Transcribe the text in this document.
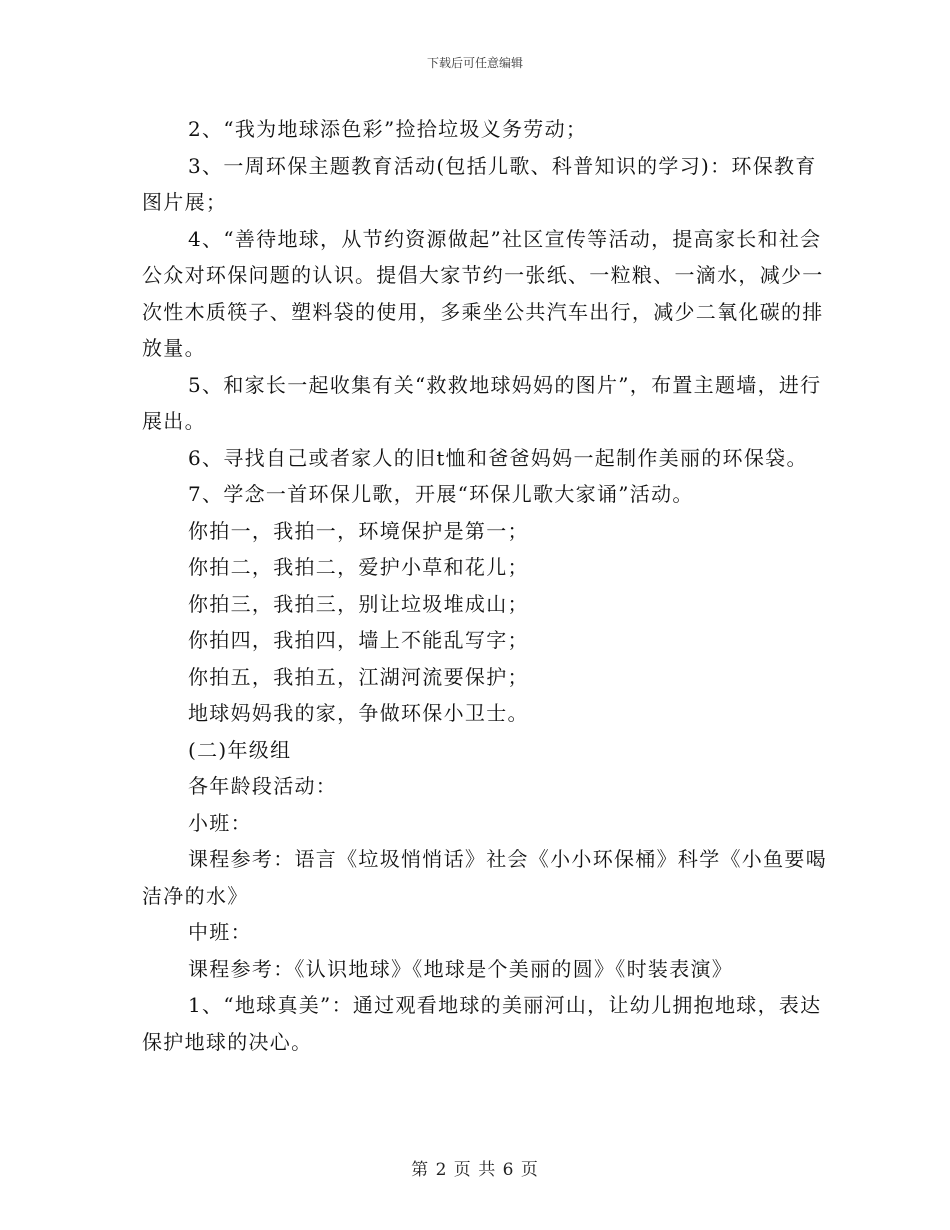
下载后可任意编辑

2、“我为地球添色彩”捡拾垃圾义务劳动；

3、一周环保主题教育活动(包括儿歌、科普知识的学习)：环保教育图片展；

4、“善待地球，从节约资源做起”社区宣传等活动，提高家长和社会公众对环保问题的认识。提倡大家节约一张纸、一粒粮、一滴水，减少一次性木质筷子、塑料袋的使用，多乘坐公共汽车出行，减少二氧化碳的排放量。

5、和家长一起收集有关“救救地球妈妈的图片”，布置主题墙，进行展出。

6、寻找自己或者家人的旧t恤和爸爸妈妈一起制作美丽的环保袋。

7、学念一首环保儿歌，开展“环保儿歌大家诵”活动。

你拍一，我拍一，环境保护是第一；

你拍二，我拍二，爱护小草和花儿；

你拍三，我拍三，别让垃圾堆成山；

你拍四，我拍四，墙上不能乱写字；

你拍五，我拍五，江湖河流要保护；

地球妈妈我的家，争做环保小卫士。

(二)年级组

各年龄段活动：

小班：

课程参考：语言《垃圾悄悄话》社会《小小环保桶》科学《小鱼要喝洁净的水》

中班：

课程参考：《认识地球》《地球是个美丽的圆》《时装表演》

1、“地球真美”：通过观看地球的美丽河山，让幼儿拥抱地球，表达保护地球的决心。

第 2 页 共 6 页
